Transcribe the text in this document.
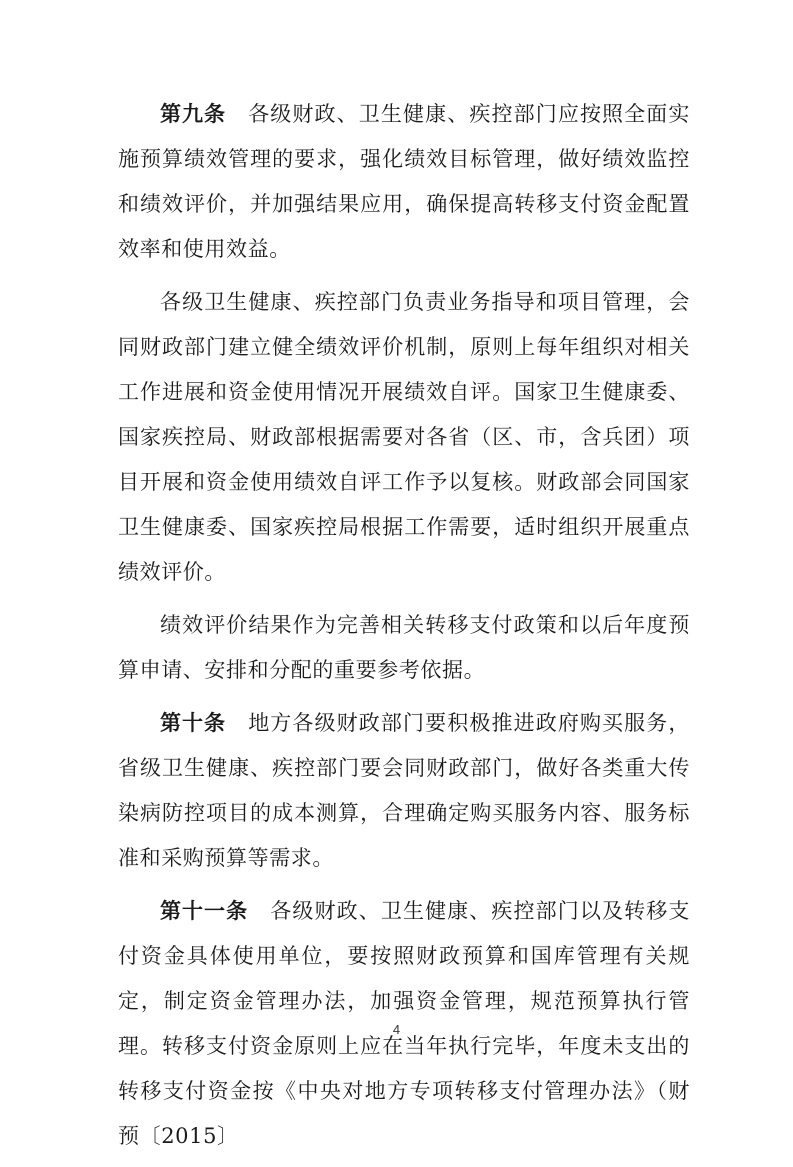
第九条　 各级财政、卫生健康、疾控部门应按照全面实施预算绩效管理的要求，强化绩效目标管理，做好绩效监控和绩效评价，并加强结果应用，确保提高转移支付资金配置效率和使用效益。

各级卫生健康、疾控部门负责业务指导和项目管理，会同财政部门建立健全绩效评价机制，原则上每年组织对相关工作进展和资金使用情况开展绩效自评。国家卫生健康委、国家疾控局、财政部根据需要对各省（区、市，含兵团）项目开展和资金使用绩效自评工作予以复核。财政部会同国家卫生健康委、国家疾控局根据工作需要，适时组织开展重点绩效评价。

绩效评价结果作为完善相关转移支付政策和以后年度预算申请、安排和分配的重要参考依据。

第十条　 地方各级财政部门要积极推进政府购买服务，省级卫生健康、疾控部门要会同财政部门，做好各类重大传染病防控项目的成本测算，合理确定购买服务内容、服务标准和采购预算等需求。

第十一条　 各级财政、卫生健康、疾控部门以及转移支付资金具体使用单位，要按照财政预算和国库管理有关规定，制定资金管理办法，加强资金管理，规范预算执行管理。转移支付资金原则上应在当年执行完毕，年度未支出的转移支付资金按《中央对地方专项转移支付管理办法》（财预〔2015〕

4
